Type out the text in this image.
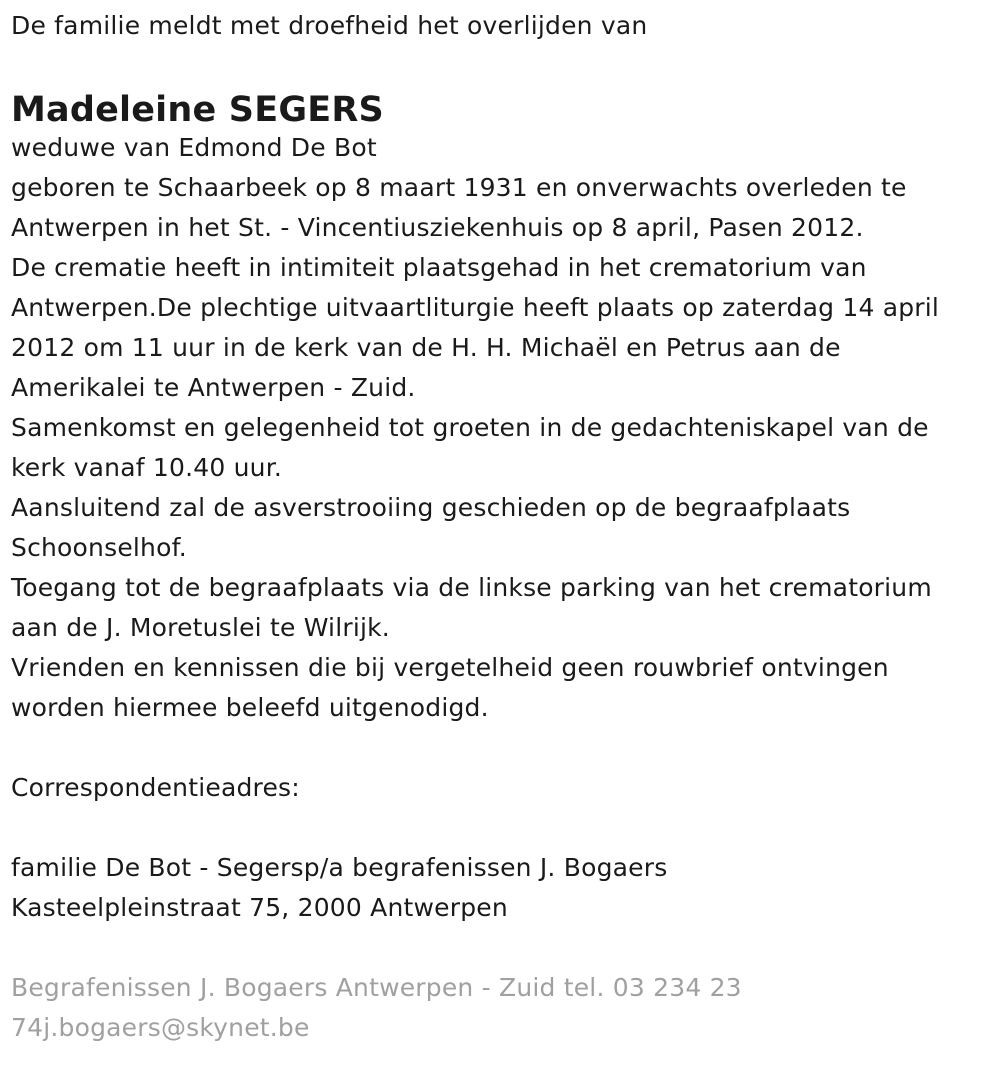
De familie meldt met droefheid het overlijden van
Madeleine SEGERS
weduwe van Edmond De Bot
geboren te Schaarbeek op 8 maart 1931 en onverwachts overleden te
Antwerpen in het St. - Vincentiusziekenhuis op 8 april, Pasen 2012.
De crematie heeft in intimiteit plaatsgehad in het crematorium van
Antwerpen.De plechtige uitvaartliturgie heeft plaats op zaterdag 14 april
2012 om 11 uur in de kerk van de H. H. Michaël en Petrus aan de
Amerikalei te Antwerpen - Zuid.
Samenkomst en gelegenheid tot groeten in de gedachteniskapel van de
kerk vanaf 10.40 uur.
Aansluitend zal de asverstrooiing geschieden op de begraafplaats
Schoonselhof.
Toegang tot de begraafplaats via de linkse parking van het crematorium
aan de J. Moretuslei te Wilrijk.
Vrienden en kennissen die bij vergetelheid geen rouwbrief ontvingen
worden hiermee beleefd uitgenodigd.
Correspondentieadres:
familie De Bot - Segersp/a begrafenissen J. Bogaers
Kasteelpleinstraat 75, 2000 Antwerpen
Begrafenissen J. Bogaers Antwerpen - Zuid tel. 03 234 23
74j.bogaers@skynet.be
